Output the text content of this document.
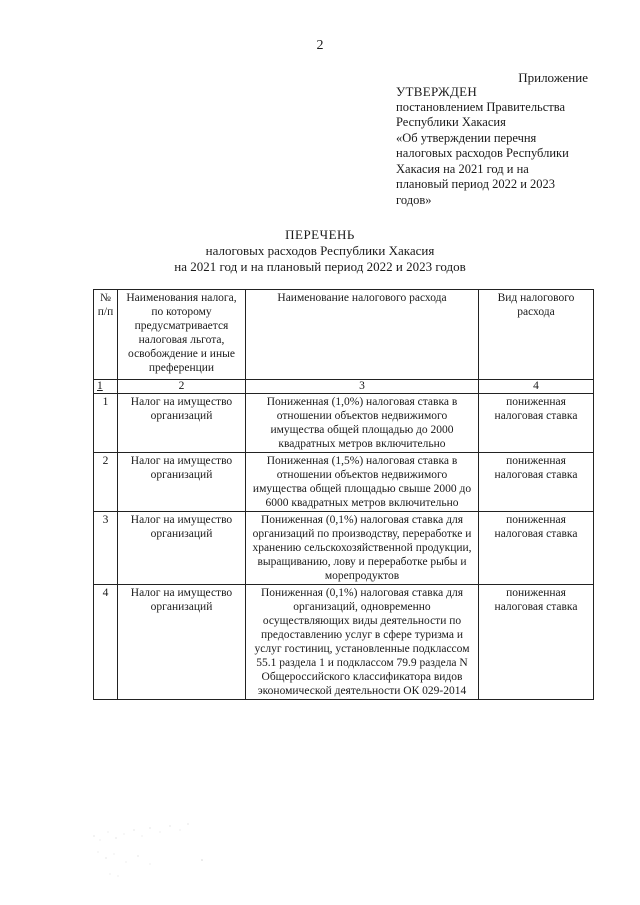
2
Приложение
УТВЕРЖДЕН
постановлением Правительства
Республики Хакасия
«Об утверждении перечня
налоговых расходов Республики
Хакасия на 2021 год и на
плановый период 2022 и 2023
годов»
ПЕРЕЧЕНЬ
налоговых расходов Республики Хакасия
на 2021 год и на плановый период 2022 и 2023 годов
№ п/п	Наименования налога, по которому предусматривается налоговая льгота, освобождение и иные преференции	Наименование налогового расхода	Вид налогового расхода
1	2	3	4
1	Налог на имущество организаций	Пониженная (1,0%) налоговая ставка в отношении объектов недвижимого имущества общей площадью до 2000 квадратных метров включительно	пониженная налоговая ставка
2	Налог на имущество организаций	Пониженная (1,5%) налоговая ставка в отношении объектов недвижимого имущества общей площадью свыше 2000 до 6000 квадратных метров включительно	пониженная налоговая ставка
3	Налог на имущество организаций	Пониженная (0,1%) налоговая ставка для организаций по производству, переработке и хранению сельскохозяйственной продукции, выращиванию, лову и переработке рыбы и морепродуктов	пониженная налоговая ставка
4	Налог на имущество организаций	Пониженная (0,1%) налоговая ставка для организаций, одновременно осуществляющих виды деятельности по предоставлению услуг в сфере туризма и услуг гостиниц, установленные подклассом 55.1 раздела 1 и подклассом 79.9 раздела N Общероссийского классификатора видов экономической деятельности ОК 029-2014	пониженная налоговая ставка
